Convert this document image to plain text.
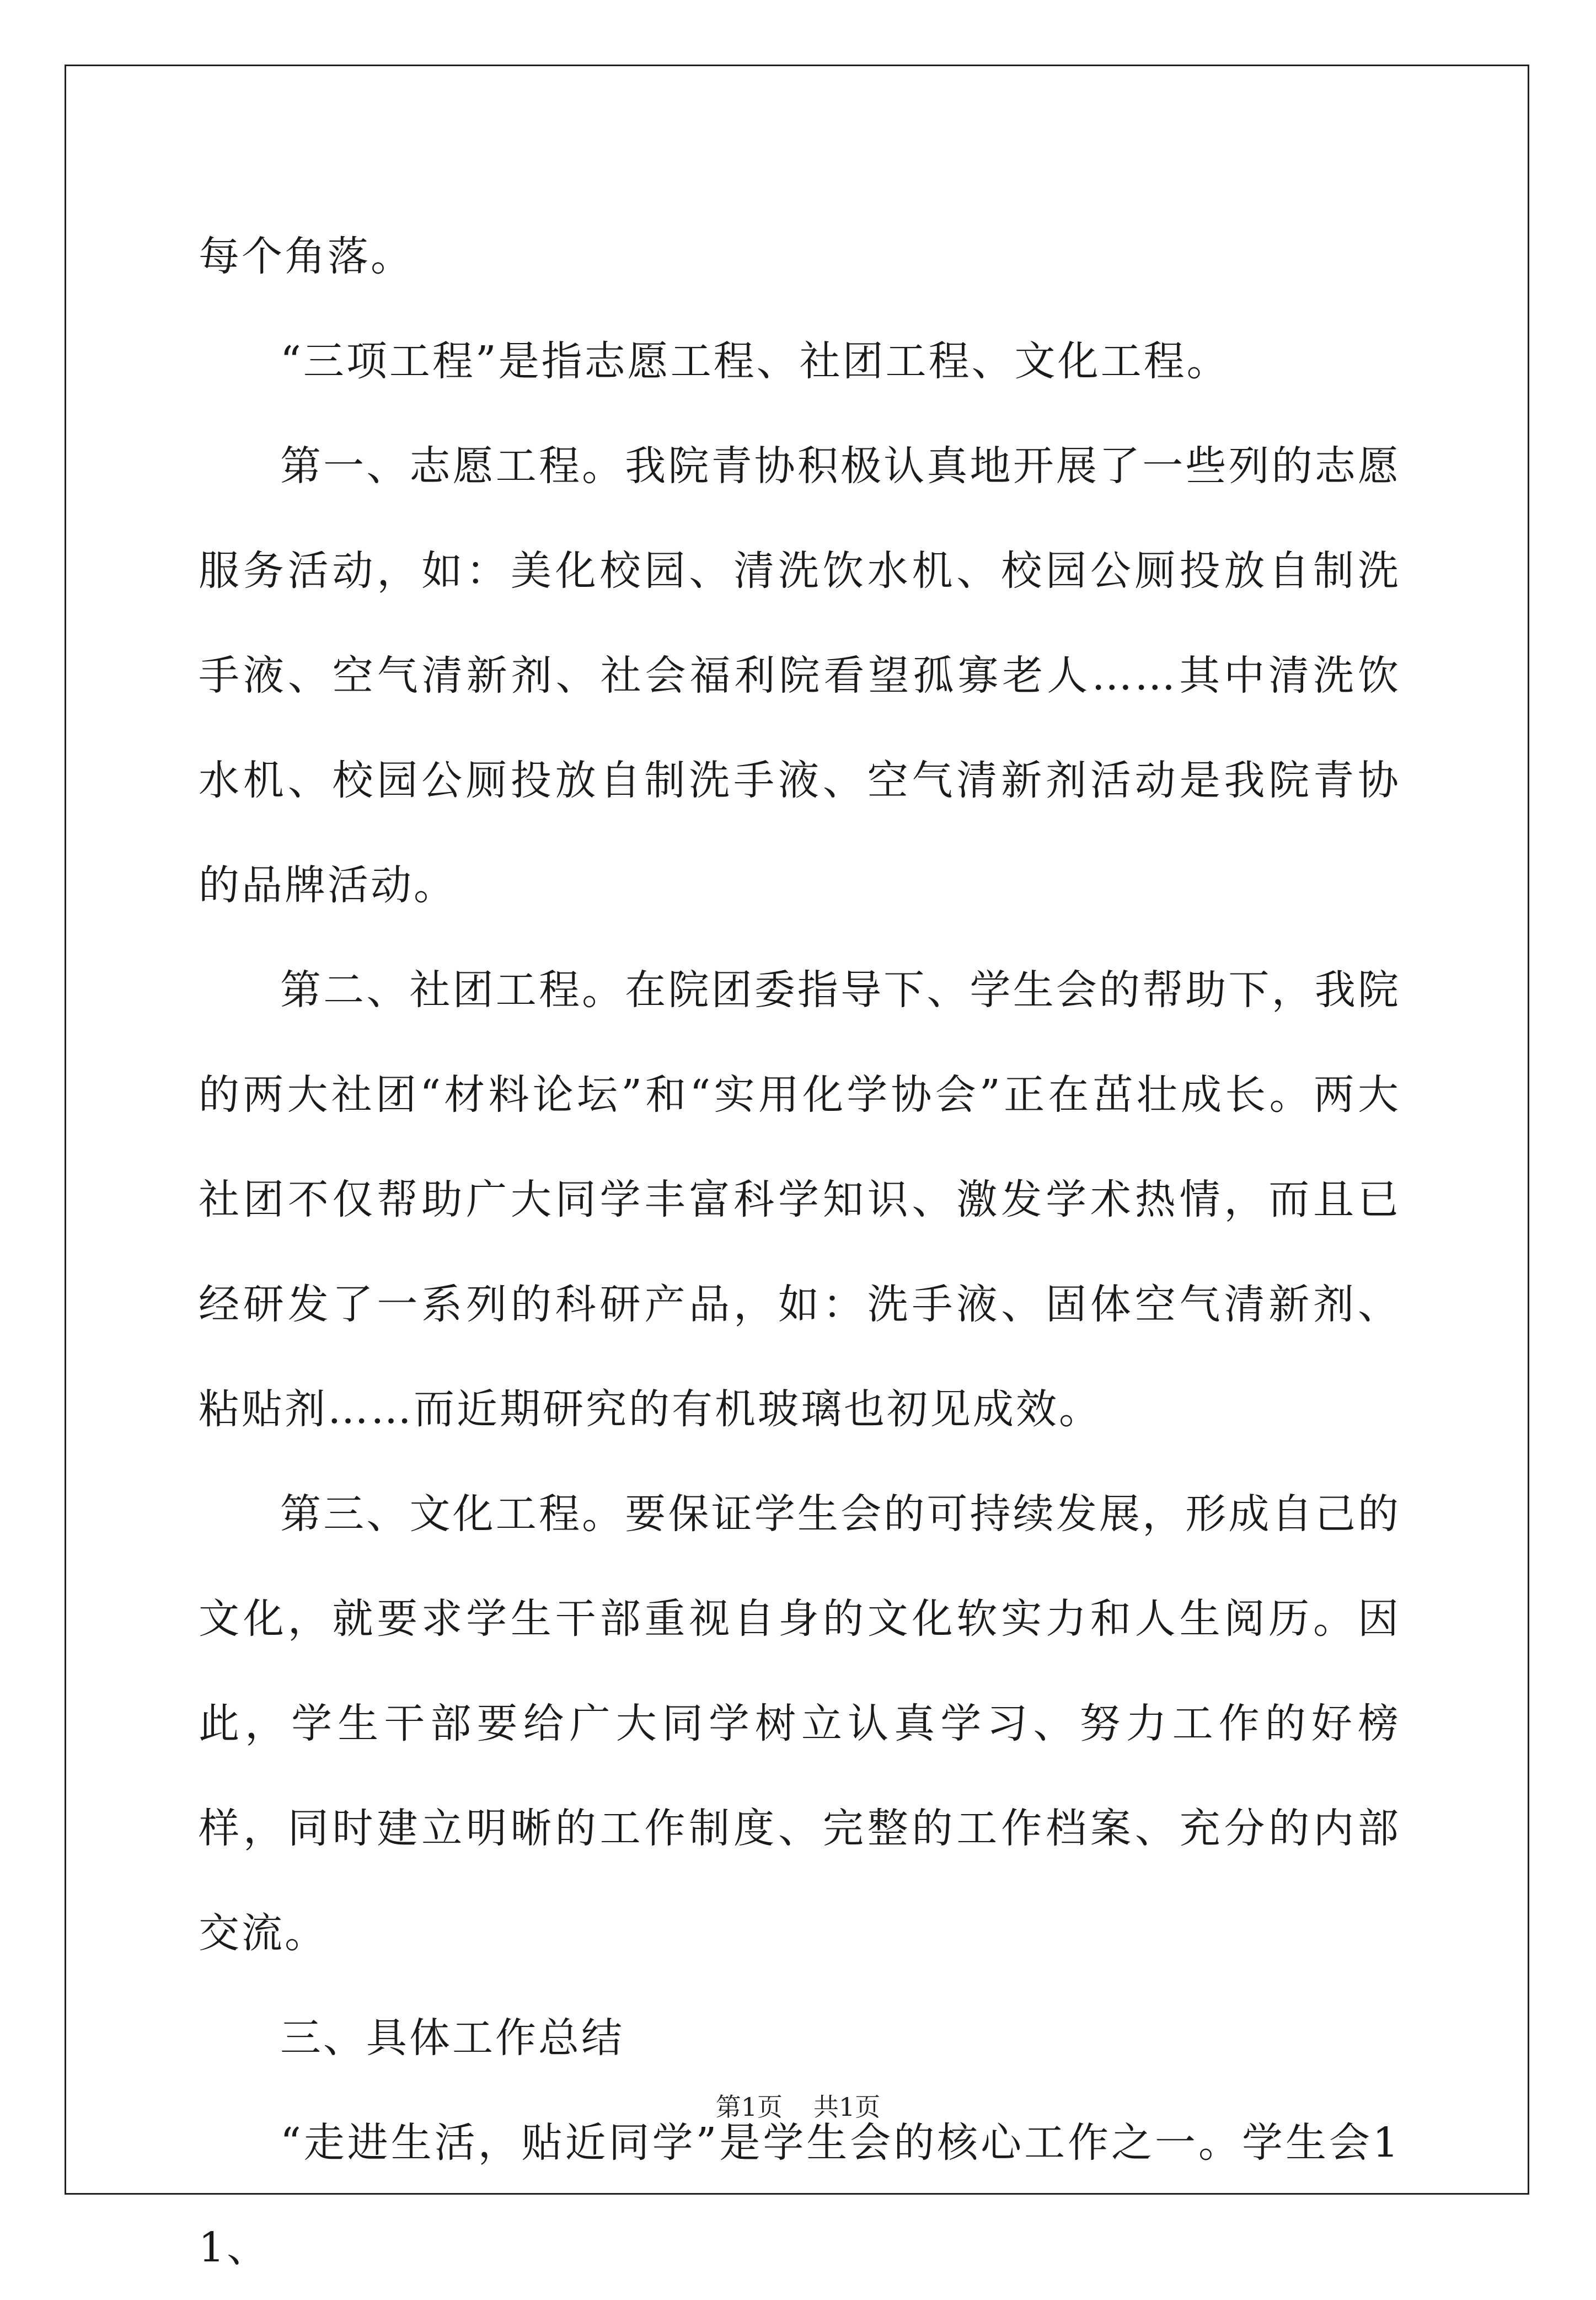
每个角落。

“三项工程”是指志愿工程、社团工程、文化工程。

第一、志愿工程。我院青协积极认真地开展了一些列的志愿服务活动，如：美化校园、清洗饮水机、校园公厕投放自制洗手液、空气清新剂、社会福利院看望孤寡老人……其中清洗饮水机、校园公厕投放自制洗手液、空气清新剂活动是我院青协的品牌活动。

第二、社团工程。在院团委指导下、学生会的帮助下，我院的两大社团“材料论坛”和“实用化学协会”正在茁壮成长。两大社团不仅帮助广大同学丰富科学知识、激发学术热情，而且已经研发了一系列的科研产品，如：洗手液、固体空气清新剂、粘贴剂……而近期研究的有机玻璃也初见成效。

第三、文化工程。要保证学生会的可持续发展，形成自己的文化，就要求学生干部重视自身的文化软实力和人生阅历。因此，学生干部要给广大同学树立认真学习、努力工作的好榜样，同时建立明晰的工作制度、完整的工作档案、充分的内部交流。

三、具体工作总结

“走进生活，贴近同学”是学生会的核心工作之一。学生会11、

第1页 共1页
